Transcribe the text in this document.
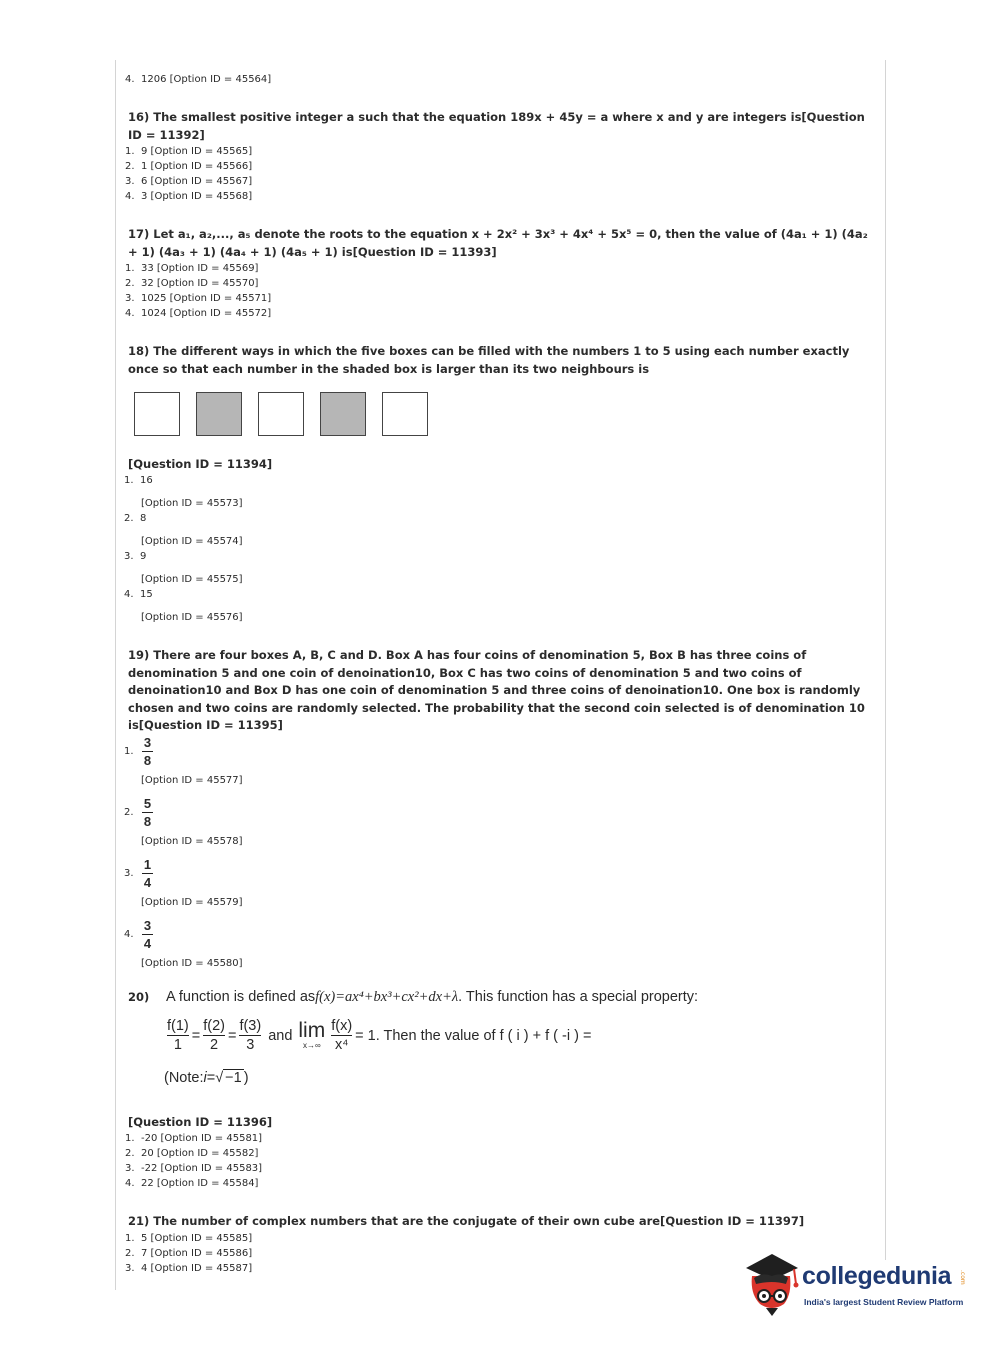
4. 1206 [Option ID = 45564]
16) The smallest positive integer a such that the equation 189x + 45y = a where x and y are integers is[Question ID = 11392]
1. 9 [Option ID = 45565]
2. 1 [Option ID = 45566]
3. 6 [Option ID = 45567]
4. 3 [Option ID = 45568]
17) Let a₁, a₂,..., a₅ denote the roots to the equation x + 2x² + 3x³ + 4x⁴ + 5x⁵ = 0, then the value of (4a₁ + 1) (4a₂ + 1) (4a₃ + 1) (4a₄ + 1) (4a₅ + 1) is[Question ID = 11393]
1. 33 [Option ID = 45569]
2. 32 [Option ID = 45570]
3. 1025 [Option ID = 45571]
4. 1024 [Option ID = 45572]
18) The different ways in which the five boxes can be filled with the numbers 1 to 5 using each number exactly once so that each number in the shaded box is larger than its two neighbours is
[Question ID = 11394]
1. 16
[Option ID = 45573]
2. 8
[Option ID = 45574]
3. 9
[Option ID = 45575]
4. 15
[Option ID = 45576]
19) There are four boxes A, B, C and D. Box A has four coins of denomination 5, Box B has three coins of denomination 5 and one coin of denoination10, Box C has two coins of denomination 5 and two coins of denoination10 and Box D has one coin of denomination 5 and three coins of denoination10. One box is randomly chosen and two coins are randomly selected. The probability that the second coin selected is of denomination 10 is[Question ID = 11395]
1. $\frac{3}{8}$
[Option ID = 45577]
2. $\frac{5}{8}$
[Option ID = 45578]
3. $\frac{1}{4}$
[Option ID = 45579]
4. $\frac{3}{4}$
[Option ID = 45580]
20)	A function is defined as f(x)=ax⁴+bx³+cx²+dx+λ . This function has a special property:
f(1)
1
=
f(2)
2
=
f(3)
3
and lim
x→∞
f(x)
x⁴
= 1. Then the value of f ( i ) + f ( -i ) =
(Note: i = √ −1 )
[Question ID = 11396]
1. -20 [Option ID = 45581]
2. 20 [Option ID = 45582]
3. -22 [Option ID = 45583]
4. 22 [Option ID = 45584]
21) The number of complex numbers that are the conjugate of their own cube are[Question ID = 11397]
1. 5 [Option ID = 45585]
2. 7 [Option ID = 45586]
3. 4 [Option ID = 45587]	collegedunia .com
India's largest Student Review Platform
